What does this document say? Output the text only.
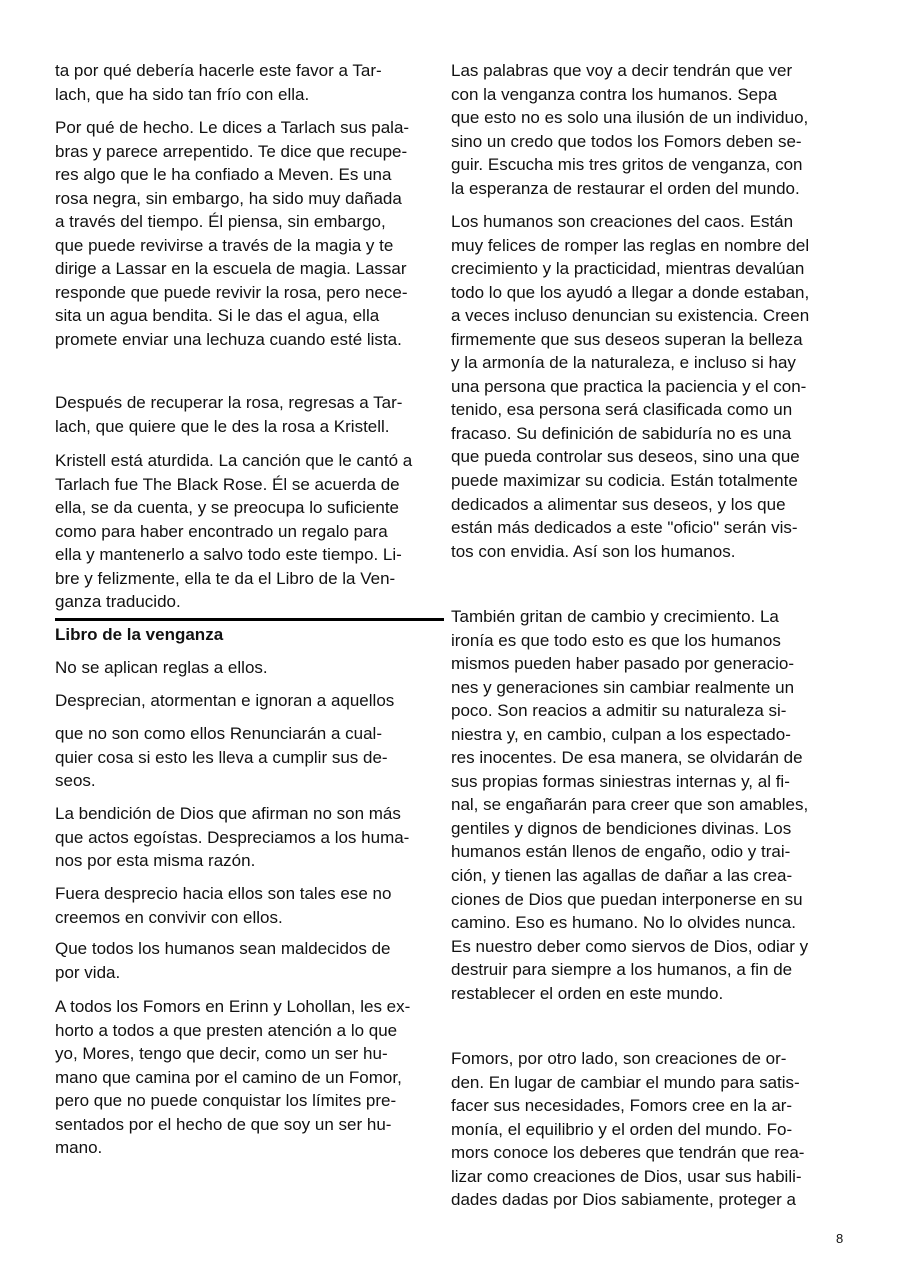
ta por qué debería hacerle este favor a Tar-
lach, que ha sido tan frío con ella.
Por qué de hecho. Le dices a Tarlach sus pala-
bras y parece arrepentido. Te dice que recupe-
res algo que le ha confiado a Meven. Es una
rosa negra, sin embargo, ha sido muy dañada
a través del tiempo. Él piensa, sin embargo,
que puede revivirse a través de la magia y te
dirige a Lassar en la escuela de magia. Lassar
responde que puede revivir la rosa, pero nece-
sita un agua bendita. Si le das el agua, ella
promete enviar una lechuza cuando esté lista.
Después de recuperar la rosa, regresas a Tar-
lach, que quiere que le des la rosa a Kristell.
Kristell está aturdida. La canción que le cantó a
Tarlach fue The Black Rose. Él se acuerda de
ella, se da cuenta, y se preocupa lo suficiente
como para haber encontrado un regalo para
ella y mantenerlo a salvo todo este tiempo. Li-
bre y felizmente, ella te da el Libro de la Ven-
ganza traducido.
Libro de la venganza
No se aplican reglas a ellos.
Desprecian, atormentan e ignoran a aquellos
que no son como ellos Renunciarán a cual-
quier cosa si esto les lleva a cumplir sus de-
seos.
La bendición de Dios que afirman no son más
que actos egoístas. Despreciamos a los huma-
nos por esta misma razón.
Fuera desprecio hacia ellos son tales ese no
creemos en convivir con ellos.
Que todos los humanos sean maldecidos de
por vida.
A todos los Fomors en Erinn y Lohollan, les ex-
horto a todos a que presten atención a lo que
yo, Mores, tengo que decir, como un ser hu-
mano que camina por el camino de un Fomor,
pero que no puede conquistar los límites pre-
sentados por el hecho de que soy un ser hu-
mano.
Las palabras que voy a decir tendrán que ver
con la venganza contra los humanos. Sepa
que esto no es solo una ilusión de un individuo,
sino un credo que todos los Fomors deben se-
guir. Escucha mis tres gritos de venganza, con
la esperanza de restaurar el orden del mundo.
Los humanos son creaciones del caos. Están
muy felices de romper las reglas en nombre del
crecimiento y la practicidad, mientras devalúan
todo lo que los ayudó a llegar a donde estaban,
a veces incluso denuncian su existencia. Creen
firmemente que sus deseos superan la belleza
y la armonía de la naturaleza, e incluso si hay
una persona que practica la paciencia y el con-
tenido, esa persona será clasificada como un
fracaso. Su definición de sabiduría no es una
que pueda controlar sus deseos, sino una que
puede maximizar su codicia. Están totalmente
dedicados a alimentar sus deseos, y los que
están más dedicados a este "oficio" serán vis-
tos con envidia. Así son los humanos.
También gritan de cambio y crecimiento. La
ironía es que todo esto es que los humanos
mismos pueden haber pasado por generacio-
nes y generaciones sin cambiar realmente un
poco. Son reacios a admitir su naturaleza si-
niestra y, en cambio, culpan a los espectado-
res inocentes. De esa manera, se olvidarán de
sus propias formas siniestras internas y, al fi-
nal, se engañarán para creer que son amables,
gentiles y dignos de bendiciones divinas. Los
humanos están llenos de engaño, odio y trai-
ción, y tienen las agallas de dañar a las crea-
ciones de Dios que puedan interponerse en su
camino. Eso es humano. No lo olvides nunca.
Es nuestro deber como siervos de Dios, odiar y
destruir para siempre a los humanos, a fin de
restablecer el orden en este mundo.
Fomors, por otro lado, son creaciones de or-
den. En lugar de cambiar el mundo para satis-
facer sus necesidades, Fomors cree en la ar-
monía, el equilibrio y el orden del mundo. Fo-
mors conoce los deberes que tendrán que rea-
lizar como creaciones de Dios, usar sus habili-
dades dadas por Dios sabiamente, proteger a
8
